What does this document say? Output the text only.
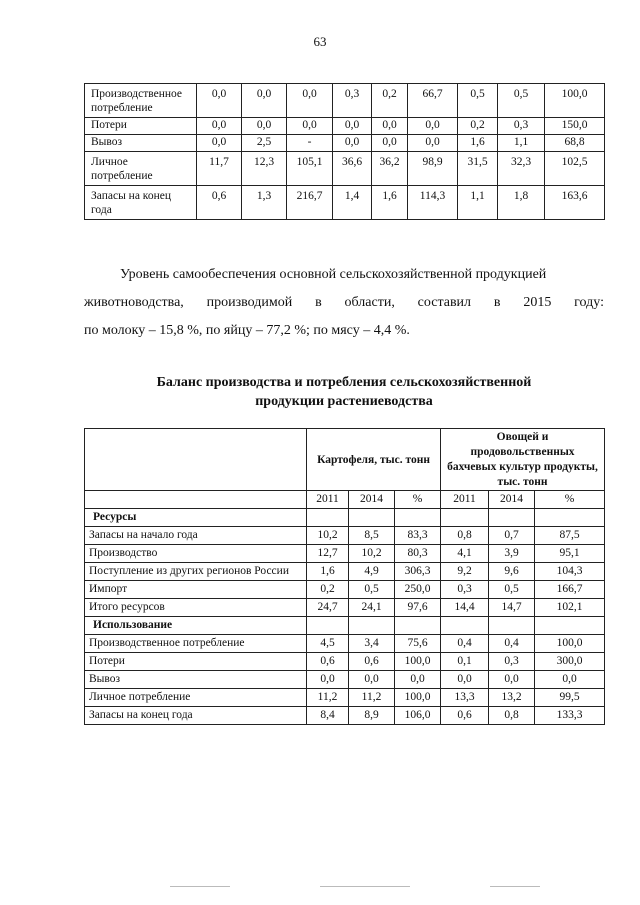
63
Производственное потребление	0,0	0,0	0,0	0,3	0,2	66,7	0,5	0,5	100,0
Потери	0,0	0,0	0,0	0,0	0,0	0,0	0,2	0,3	150,0
Вывоз	0,0	2,5	-	0,0	0,0	0,0	1,6	1,1	68,8
Личное потребление	11,7	12,3	105,1	36,6	36,2	98,9	31,5	32,3	102,5
Запасы на конец года	0,6	1,3	216,7	1,4	1,6	114,3	1,1	1,8	163,6
Уровень самообеспечения основной сельскохозяйственной продукцией
животноводства, производимой в области, составил в 2015 году:
по молоку – 15,8 %, по яйцу – 77,2 %; по мясу – 4,4 %.
Баланс производства и потребления сельскохозяйственной
продукции растениеводства
	Картофеля, тыс. тонн			Овощей и продовольственных бахчевых культур продукты, тыс. тонн		
	2011	2014	%	2011	2014	%
Ресурсы						
Запасы на начало года	10,2	8,5	83,3	0,8	0,7	87,5
Производство	12,7	10,2	80,3	4,1	3,9	95,1
Поступление из других регионов России	1,6	4,9	306,3	9,2	9,6	104,3
Импорт	0,2	0,5	250,0	0,3	0,5	166,7
Итого ресурсов	24,7	24,1	97,6	14,4	14,7	102,1
Использование						
Производственное потребление	4,5	3,4	75,6	0,4	0,4	100,0
Потери	0,6	0,6	100,0	0,1	0,3	300,0
Вывоз	0,0	0,0	0,0	0,0	0,0	0,0
Личное потребление	11,2	11,2	100,0	13,3	13,2	99,5
Запасы на конец года	8,4	8,9	106,0	0,6	0,8	133,3
